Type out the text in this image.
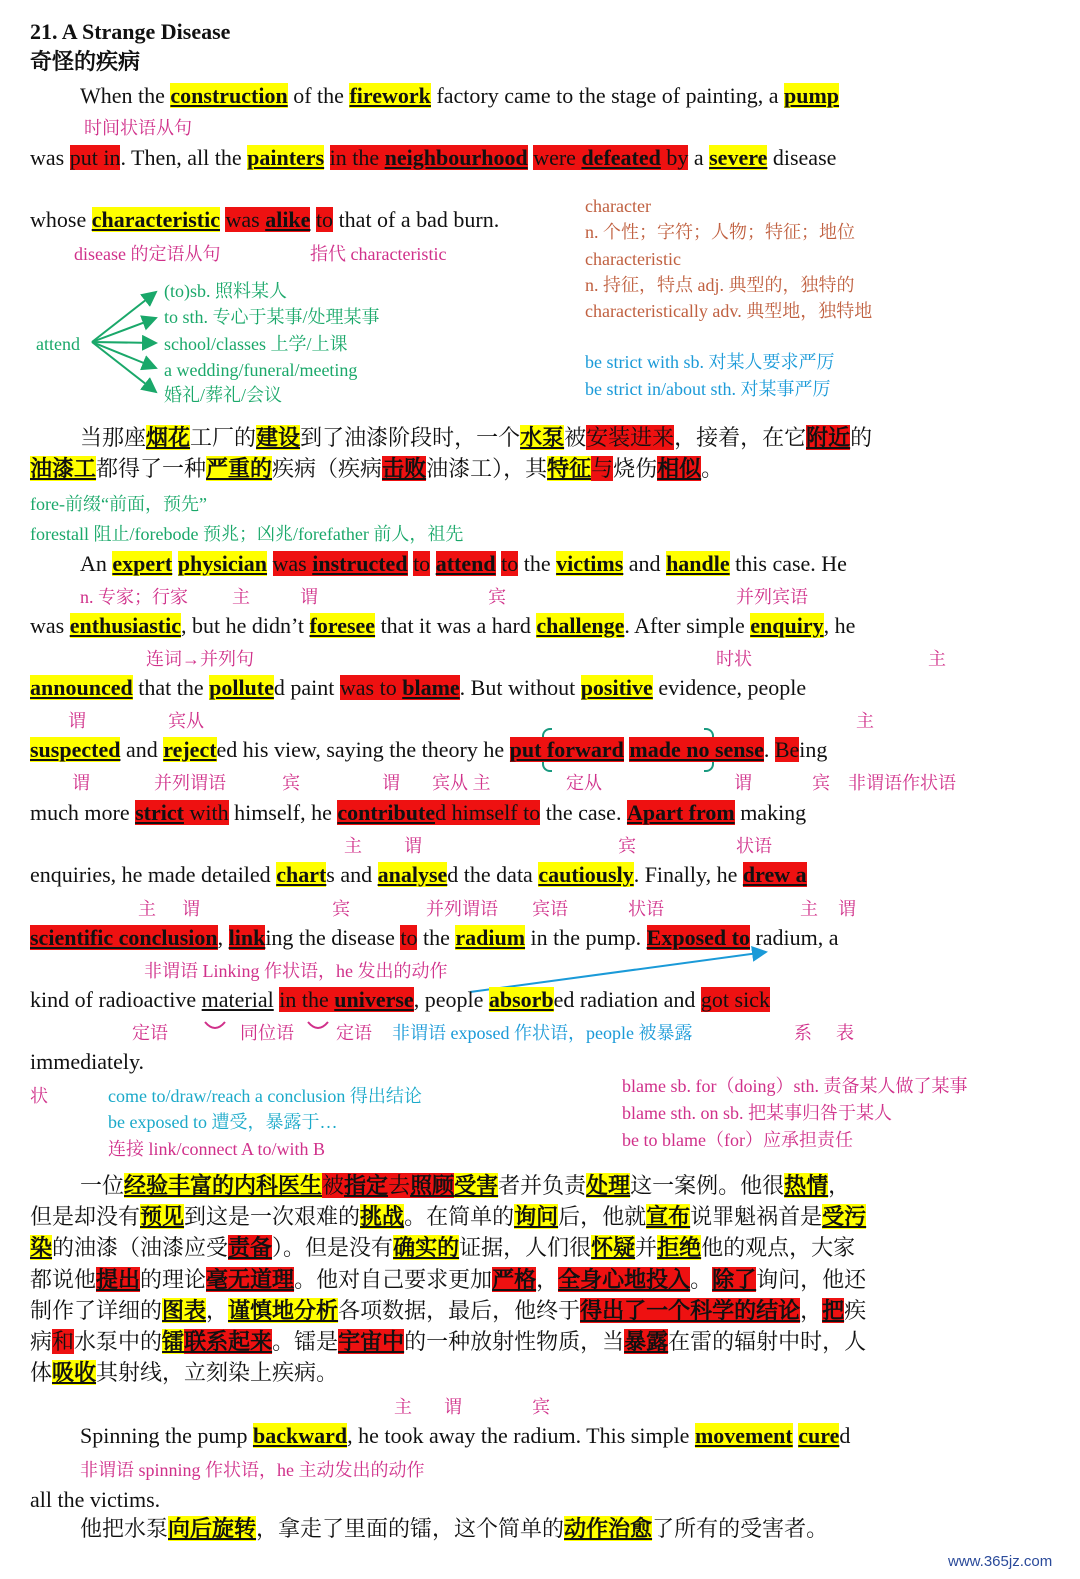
21. A Strange Disease
奇怪的疾病
When the construction of the firework factory came to the stage of painting, a pump
时间状语从句
was put in. Then, all the painters in the neighbourhood were defeated by a severe disease
whose characteristic was alike to that of a bad burn.
disease 的定语从句	指代 characteristic
character
n. 个性；字符；人物；特征；地位
characteristic
n. 持征，特点 adj. 典型的，独特的
characteristically adv. 典型地，独特地
be strict with sb. 对某人要求严厉
be strict in/about sth. 对某事严厉
attend
(to)sb. 照料某人
to sth. 专心于某事/处理某事
school/classes 上学/上课
a wedding/funeral/meeting
婚礼/葬礼/会议
当那座烟花工厂的建设到了油漆阶段时，一个水泵被安装进来，接着，在它附近的
油漆工都得了一种严重的疾病（疾病击败油漆工），其特征与烧伤相似。
fore-前缀“前面，预先”
forestall 阻止/forebode 预兆；凶兆/forefather 前人，祖先
An expert physician was instructed to attend to the victims and handle this case. He
n. 专家；行家 主	谓	宾	并列宾语
was enthusiastic, but he didn’t foresee that it was a hard challenge. After simple enquiry, he
连词→并列句	时状	主
announced that the polluted paint was to blame. But without positive evidence, people
谓	宾从	主
suspected and rejected his view, saying the theory he put forward made no sense. Being
谓	并列谓语	宾	谓 宾从 主	定从	谓	宾 非谓语作状语
much more strict with himself, he contributed himself to the case. Apart from making
主 谓	宾	状语
enquiries, he made detailed charts and analysed the data cautiously. Finally, he drew a
主 谓	宾	并列谓语 宾语	状语	主 谓
scientific conclusion, linking the disease to the radium in the pump. Exposed to radium, a
非谓语 Linking 作状语，he 发出的动作
kind of radioactive material in the universe, people absorbed radiation and got sick
定语	同位语 定语 非谓语 exposed 作状语，people 被暴露	系 表
immediately.
状	come to/draw/reach a conclusion 得出结论
be exposed to 遭受，暴露于…
连接 link/connect A to/with B
blame sb. for（doing）sth. 责备某人做了某事
blame sth. on sb. 把某事归咎于某人
be to blame（for）应承担责任
一位经验丰富的内科医生被指定去照顾受害者并负责处理这一案例。他很热情，
但是却没有预见到这是一次艰难的挑战。在简单的询问后，他就宣布说罪魁祸首是受污
染的油漆（油漆应受责备）。但是没有确实的证据，人们很怀疑并拒绝他的观点，大家
都说他提出的理论毫无道理。他对自己要求更加严格，全身心地投入。除了询问，他还
制作了详细的图表，谨慎地分析各项数据，最后，他终于得出了一个科学的结论，把疾
病和水泵中的镭联系起来。镭是宇宙中的一种放射性物质，当暴露在雷的辐射中时，人
体吸收其射线，立刻染上疾病。
主 谓	宾
Spinning the pump backward, he took away the radium. This simple movement cured
非谓语 spinning 作状语，he 主动发出的动作
all the victims.
他把水泵向后旋转，拿走了里面的镭，这个简单的动作治愈了所有的受害者。
www.365jz.com
